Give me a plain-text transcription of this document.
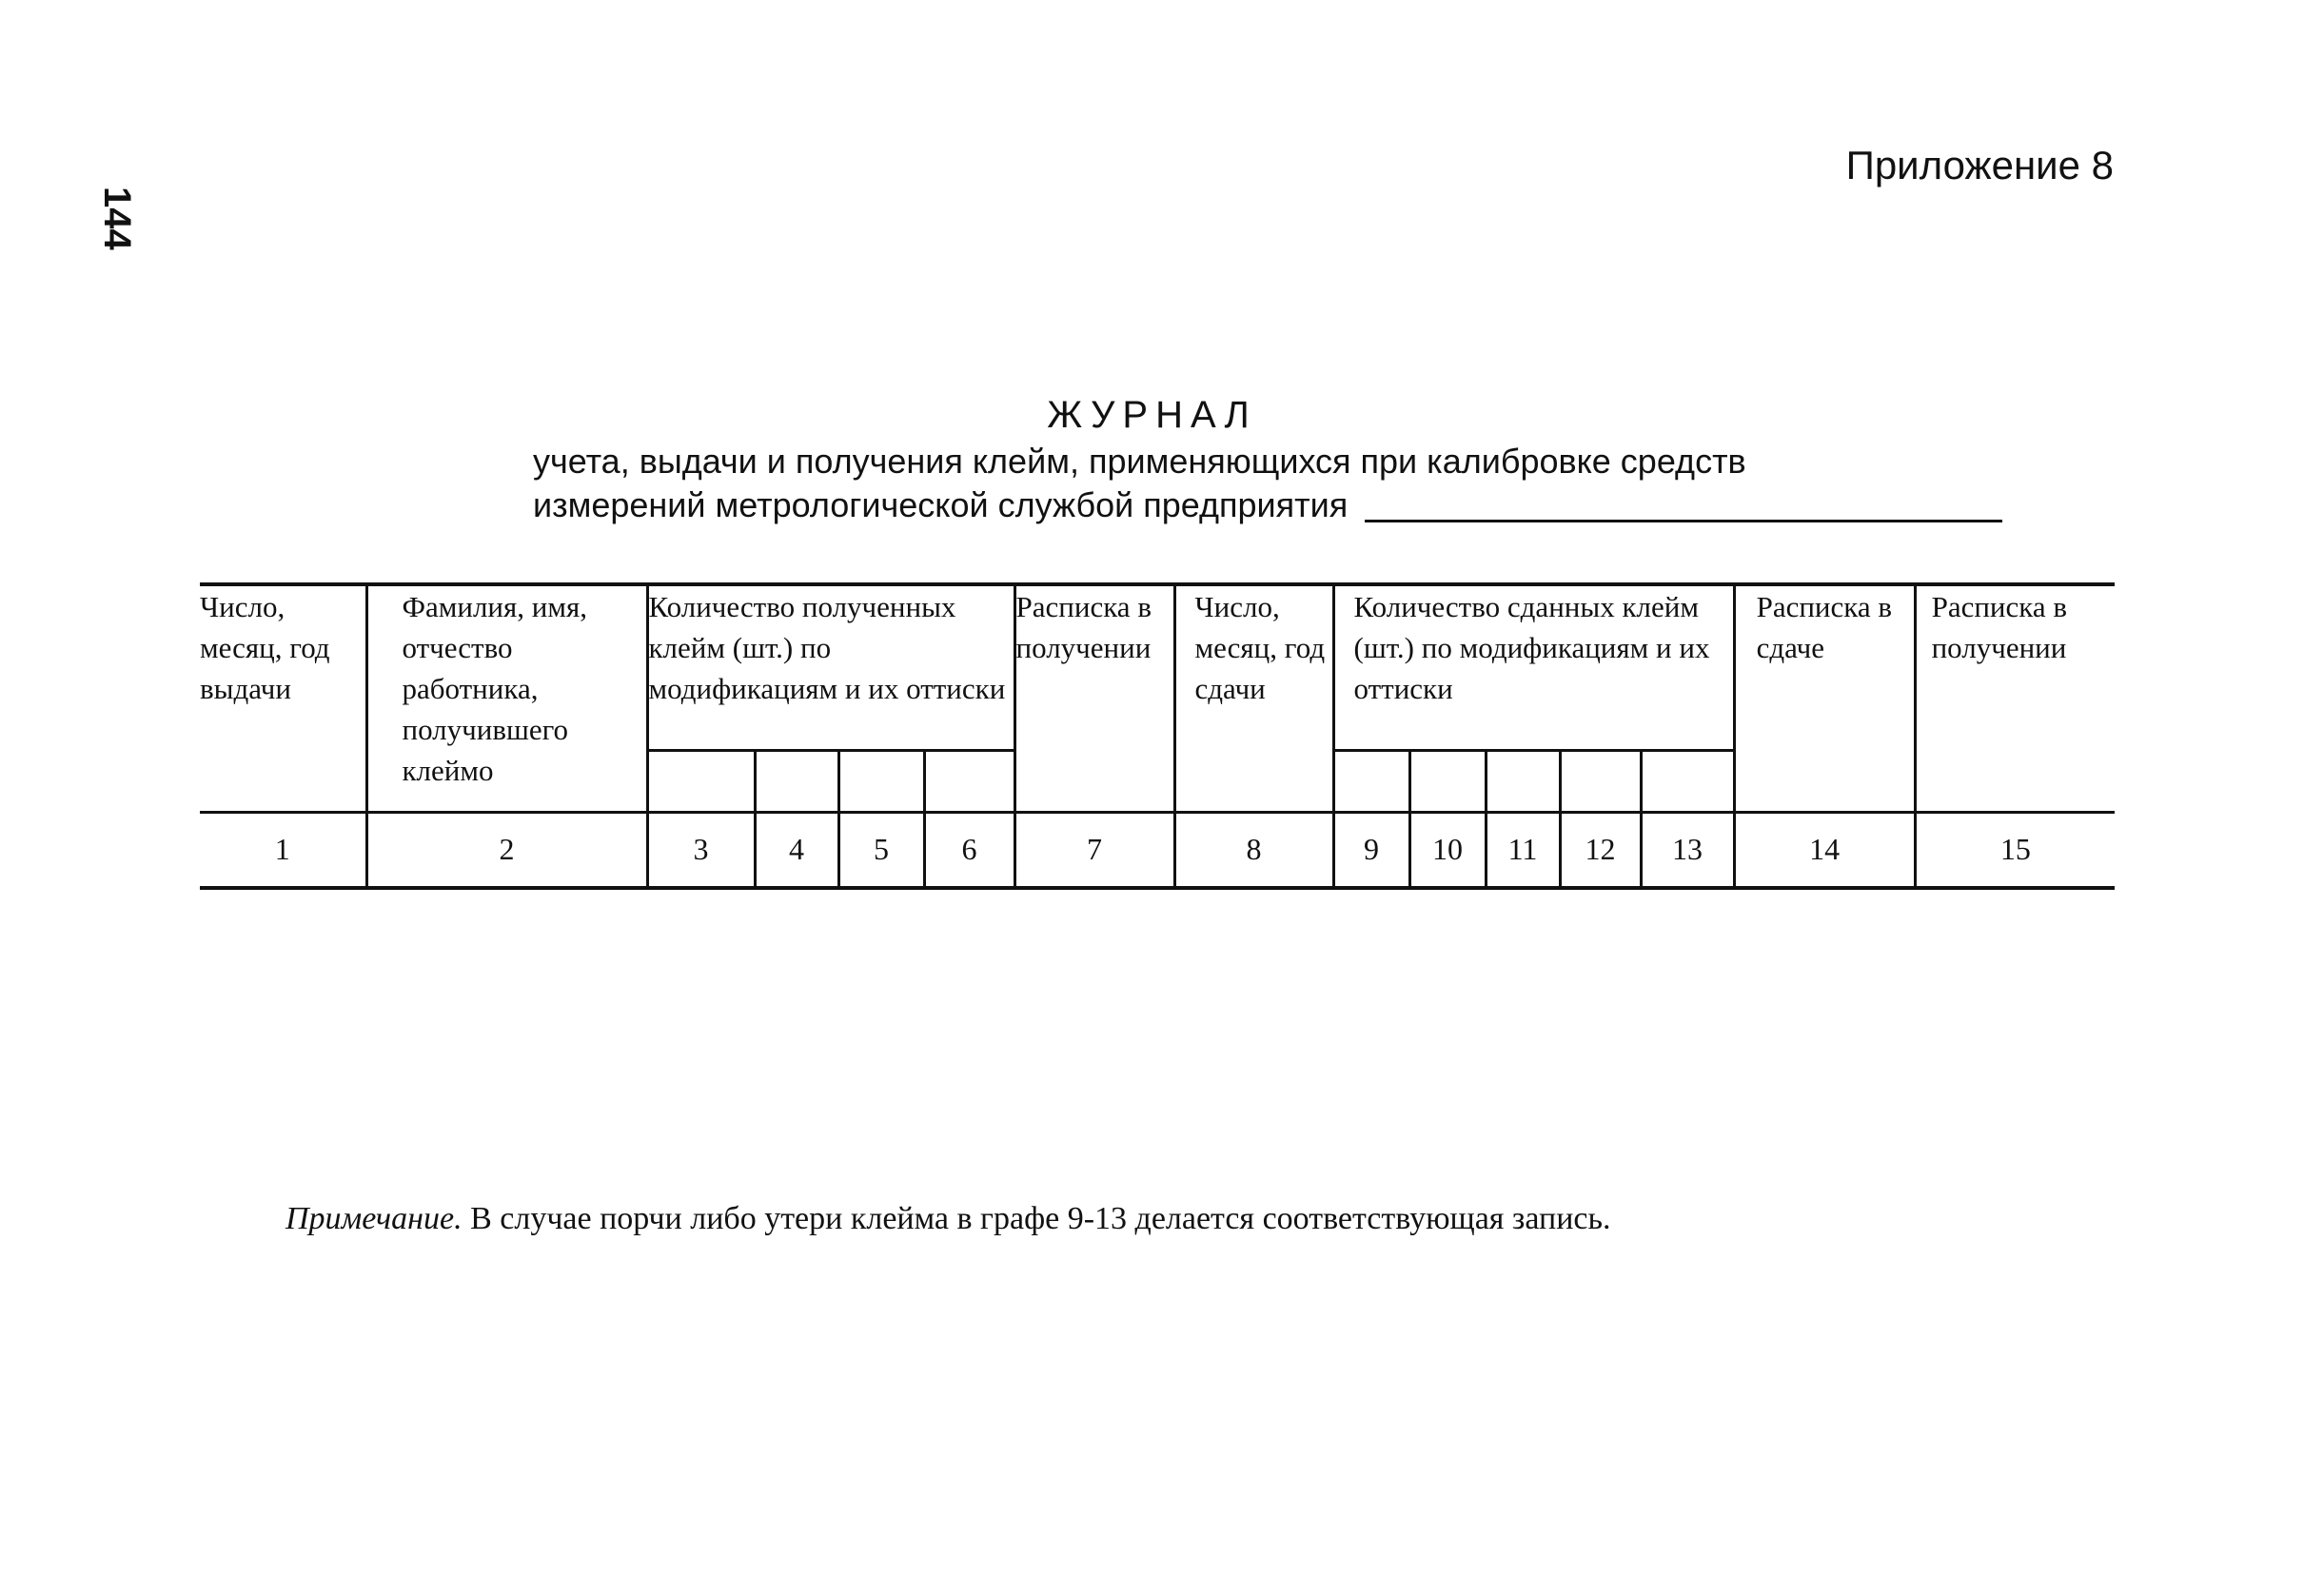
144
Приложение 8
ЖУРНАЛ
учета, выдачи и получения клейм, применяющихся при калибровке средств
измерений метрологической службой предприятия
Число, месяц, год выдачи	Фамилия, имя, отчество работника, получившего клеймо	Количество полученных клейм (шт.) по модификациям и их оттиски				Расписка в получении	Число, месяц, год сдачи	Количество сданных клейм (шт.) по модификациям и их оттиски					Расписка в сдаче	Расписка в получении

1	2	3	4	5	6	7	8	9	10	11	12	13	14	15
Примечание. В случае порчи либо утери клейма в графе 9-13 делается соответствующая запись.
